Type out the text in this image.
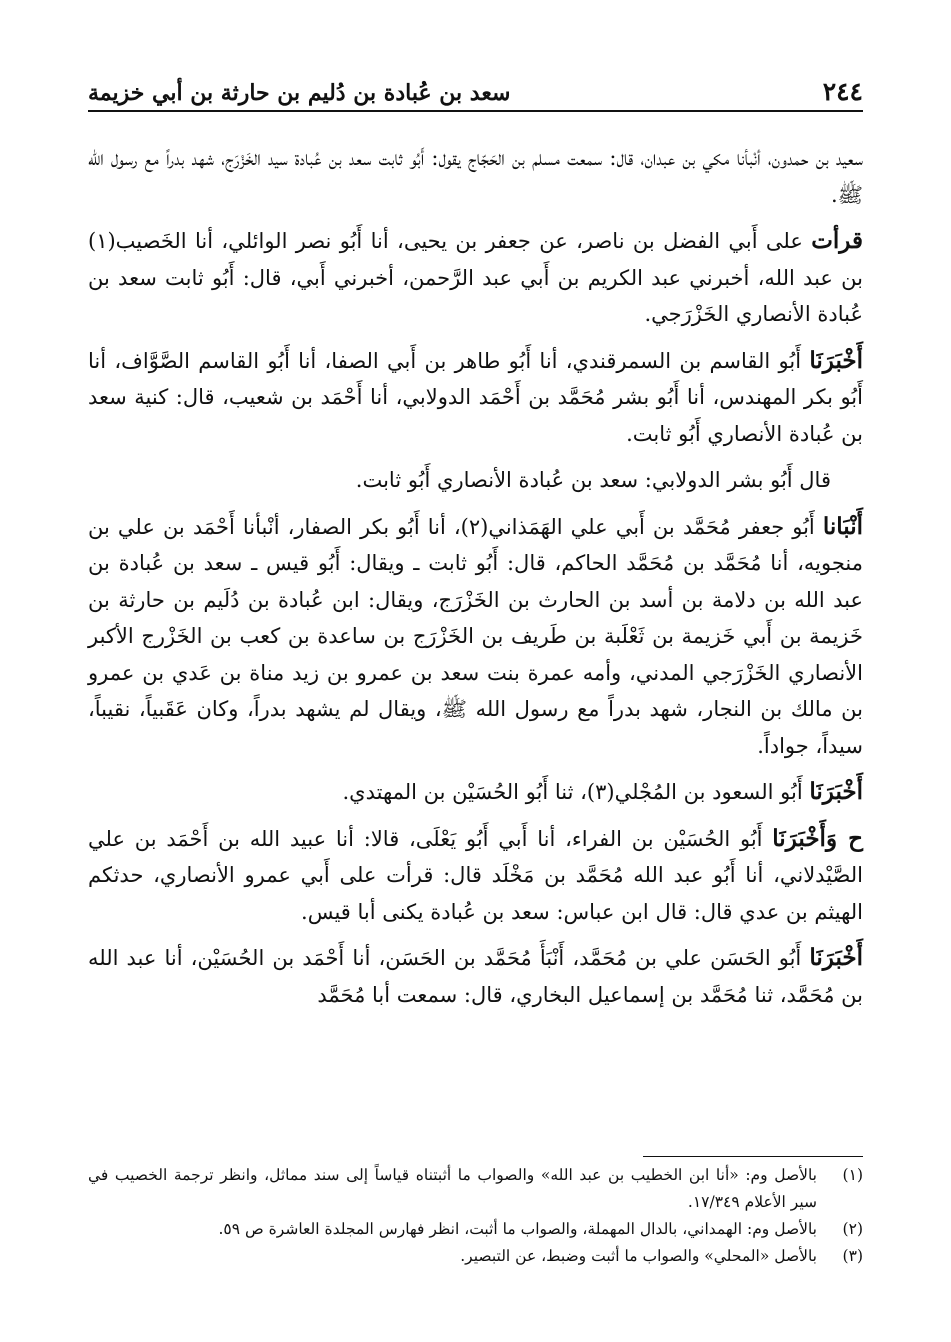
٢٤٤
سعد بن عُبادة بن دُليم بن حارثة بن أبي خزيمة

سعيد بن حمدون، أنْبأنا مكي بن عبدان، قال: سمعت مسلم بن الحَجّاج يقول: أَبُو ثابت سعد بن عُبادة سيد الخَزْرَج، شهد بدراً مع رسول الله ﷺ.

قرأت على أَبي الفضل بن ناصر، عن جعفر بن يحيى، أنا أَبُو نصر الوائلي، أنا الخَصيب(١) بن عبد الله، أخبرني عبد الكريم بن أَبي عبد الرَّحمن، أخبرني أَبي، قال: أَبُو ثابت سعد بن عُبادة الأنصاري الخَزْرَجي.

أَخْبَرَنَا أَبُو القاسم بن السمرقندي، أنا أَبُو طاهر بن أَبي الصفا، أنا أَبُو القاسم الصَّوَّاف، أنا أَبُو بكر المهندس، أنا أَبُو بشر مُحَمَّد بن أَحْمَد الدولابي، أنا أَحْمَد بن شعيب، قال: كنية سعد بن عُبادة الأنصاري أَبُو ثابت.

قال أَبُو بشر الدولابي: سعد بن عُبادة الأنصاري أَبُو ثابت.

أَنْبَانا أَبُو جعفر مُحَمَّد بن أَبي علي الهَمَذاني(٢)، أنا أَبُو بكر الصفار، أنْبأنا أَحْمَد بن علي بن منجويه، أنا مُحَمَّد بن مُحَمَّد الحاكم، قال: أَبُو ثابت ـ ويقال: أَبُو قيس ـ سعد بن عُبادة بن عبد الله بن دلامة بن أسد بن الحارث بن الخَزْرَج، ويقال: ابن عُبادة بن دُلَيم بن حارثة بن خَزيمة بن أَبي خَزيمة بن ثَعْلَبة بن طَريف بن الخَزْرَج بن ساعدة بن كعب بن الخَزْرج الأكبر الأنصاري الخَزْرَجي المدني، وأمه عمرة بنت سعد بن عمرو بن زيد مناة بن عَدي بن عمرو بن مالك بن النجار، شهد بدراً مع رسول الله ﷺ، ويقال لم يشهد بدراً، وكان عَقَبياً، نقيباً، سيداً، جواداً.

أَخْبَرَنَا أَبُو السعود بن المُجْلي(٣)، ثنا أَبُو الحُسَيْن بن المهتدي.

ح وَأَخْبَرَنَا أَبُو الحُسَيْن بن الفراء، أنا أَبي أَبُو يَعْلَى، قالا: أنا عبيد الله بن أَحْمَد بن علي الصَّيْدلاني، أنا أَبُو عبد الله مُحَمَّد بن مَخْلَد قال: قرأت على أَبي عمرو الأنصاري، حدثكم الهيثم بن عدي قال: قال ابن عباس: سعد بن عُبادة يكنى أبا قيس.

أَخْبَرَنَا أَبُو الحَسَن علي بن مُحَمَّد، أَنْبَأَ مُحَمَّد بن الحَسَن، أنا أَحْمَد بن الحُسَيْن، أنا عبد الله بن مُحَمَّد، ثنا مُحَمَّد بن إسماعيل البخاري، قال: سمعت أبا مُحَمَّد

(١)
بالأصل وم: «أنا ابن الخطيب بن عبد الله» والصواب ما أثبتناه قياساً إلى سند مماثل، وانظر ترجمة الخصيب في سير الأعلام ١٧/٣٤٩.

(٢)
بالأصل وم: الهمداني، بالدال المهملة، والصواب ما أثبت، انظر فهارس المجلدة العاشرة ص ٥٩.

(٣)
بالأصل «المحلي» والصواب ما أثبت وضبط، عن التبصير.
